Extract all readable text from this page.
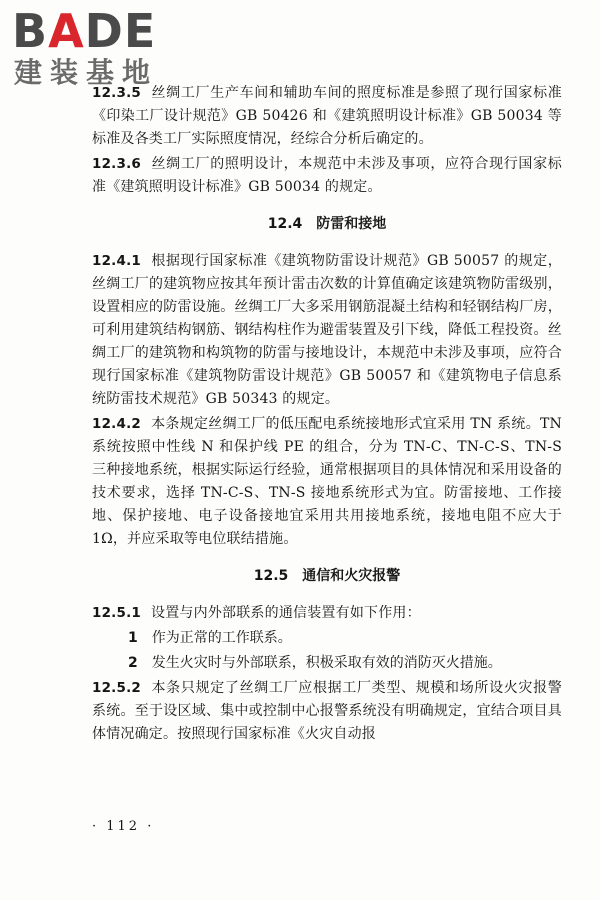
BADE
建装基地

12.3.5 丝绸工厂生产车间和辅助车间的照度标准是参照了现行国家标准《印染工厂设计规范》GB 50426 和《建筑照明设计标准》GB 50034 等标准及各类工厂实际照度情况，经综合分析后确定的。

12.3.6 丝绸工厂的照明设计，本规范中未涉及事项，应符合现行国家标准《建筑照明设计标准》GB 50034 的规定。

12.4 防雷和接地

12.4.1 根据现行国家标准《建筑物防雷设计规范》GB 50057 的规定，丝绸工厂的建筑物应按其年预计雷击次数的计算值确定该建筑物防雷级别，设置相应的防雷设施。丝绸工厂大多采用钢筋混凝土结构和轻钢结构厂房，可利用建筑结构钢筋、钢结构柱作为避雷装置及引下线，降低工程投资。丝绸工厂的建筑物和构筑物的防雷与接地设计，本规范中未涉及事项，应符合现行国家标准《建筑物防雷设计规范》GB 50057 和《建筑物电子信息系统防雷技术规范》GB 50343 的规定。

12.4.2 本条规定丝绸工厂的低压配电系统接地形式宜采用 TN 系统。TN 系统按照中性线 N 和保护线 PE 的组合，分为 TN-C、TN-C-S、TN-S 三种接地系统，根据实际运行经验，通常根据项目的具体情况和采用设备的技术要求，选择 TN-C-S、TN-S 接地系统形式为宜。防雷接地、工作接地、保护接地、电子设备接地宜采用共用接地系统，接地电阻不应大于 1Ω，并应采取等电位联结措施。

12.5 通信和火灾报警

12.5.1 设置与内外部联系的通信装置有如下作用：

1 作为正常的工作联系。
2 发生火灾时与外部联系，积极采取有效的消防灭火措施。

12.5.2 本条只规定了丝绸工厂应根据工厂类型、规模和场所设火灾报警系统。至于设区域、集中或控制中心报警系统没有明确规定，宜结合项目具体情况确定。按照现行国家标准《火灾自动报

· 112 ·
